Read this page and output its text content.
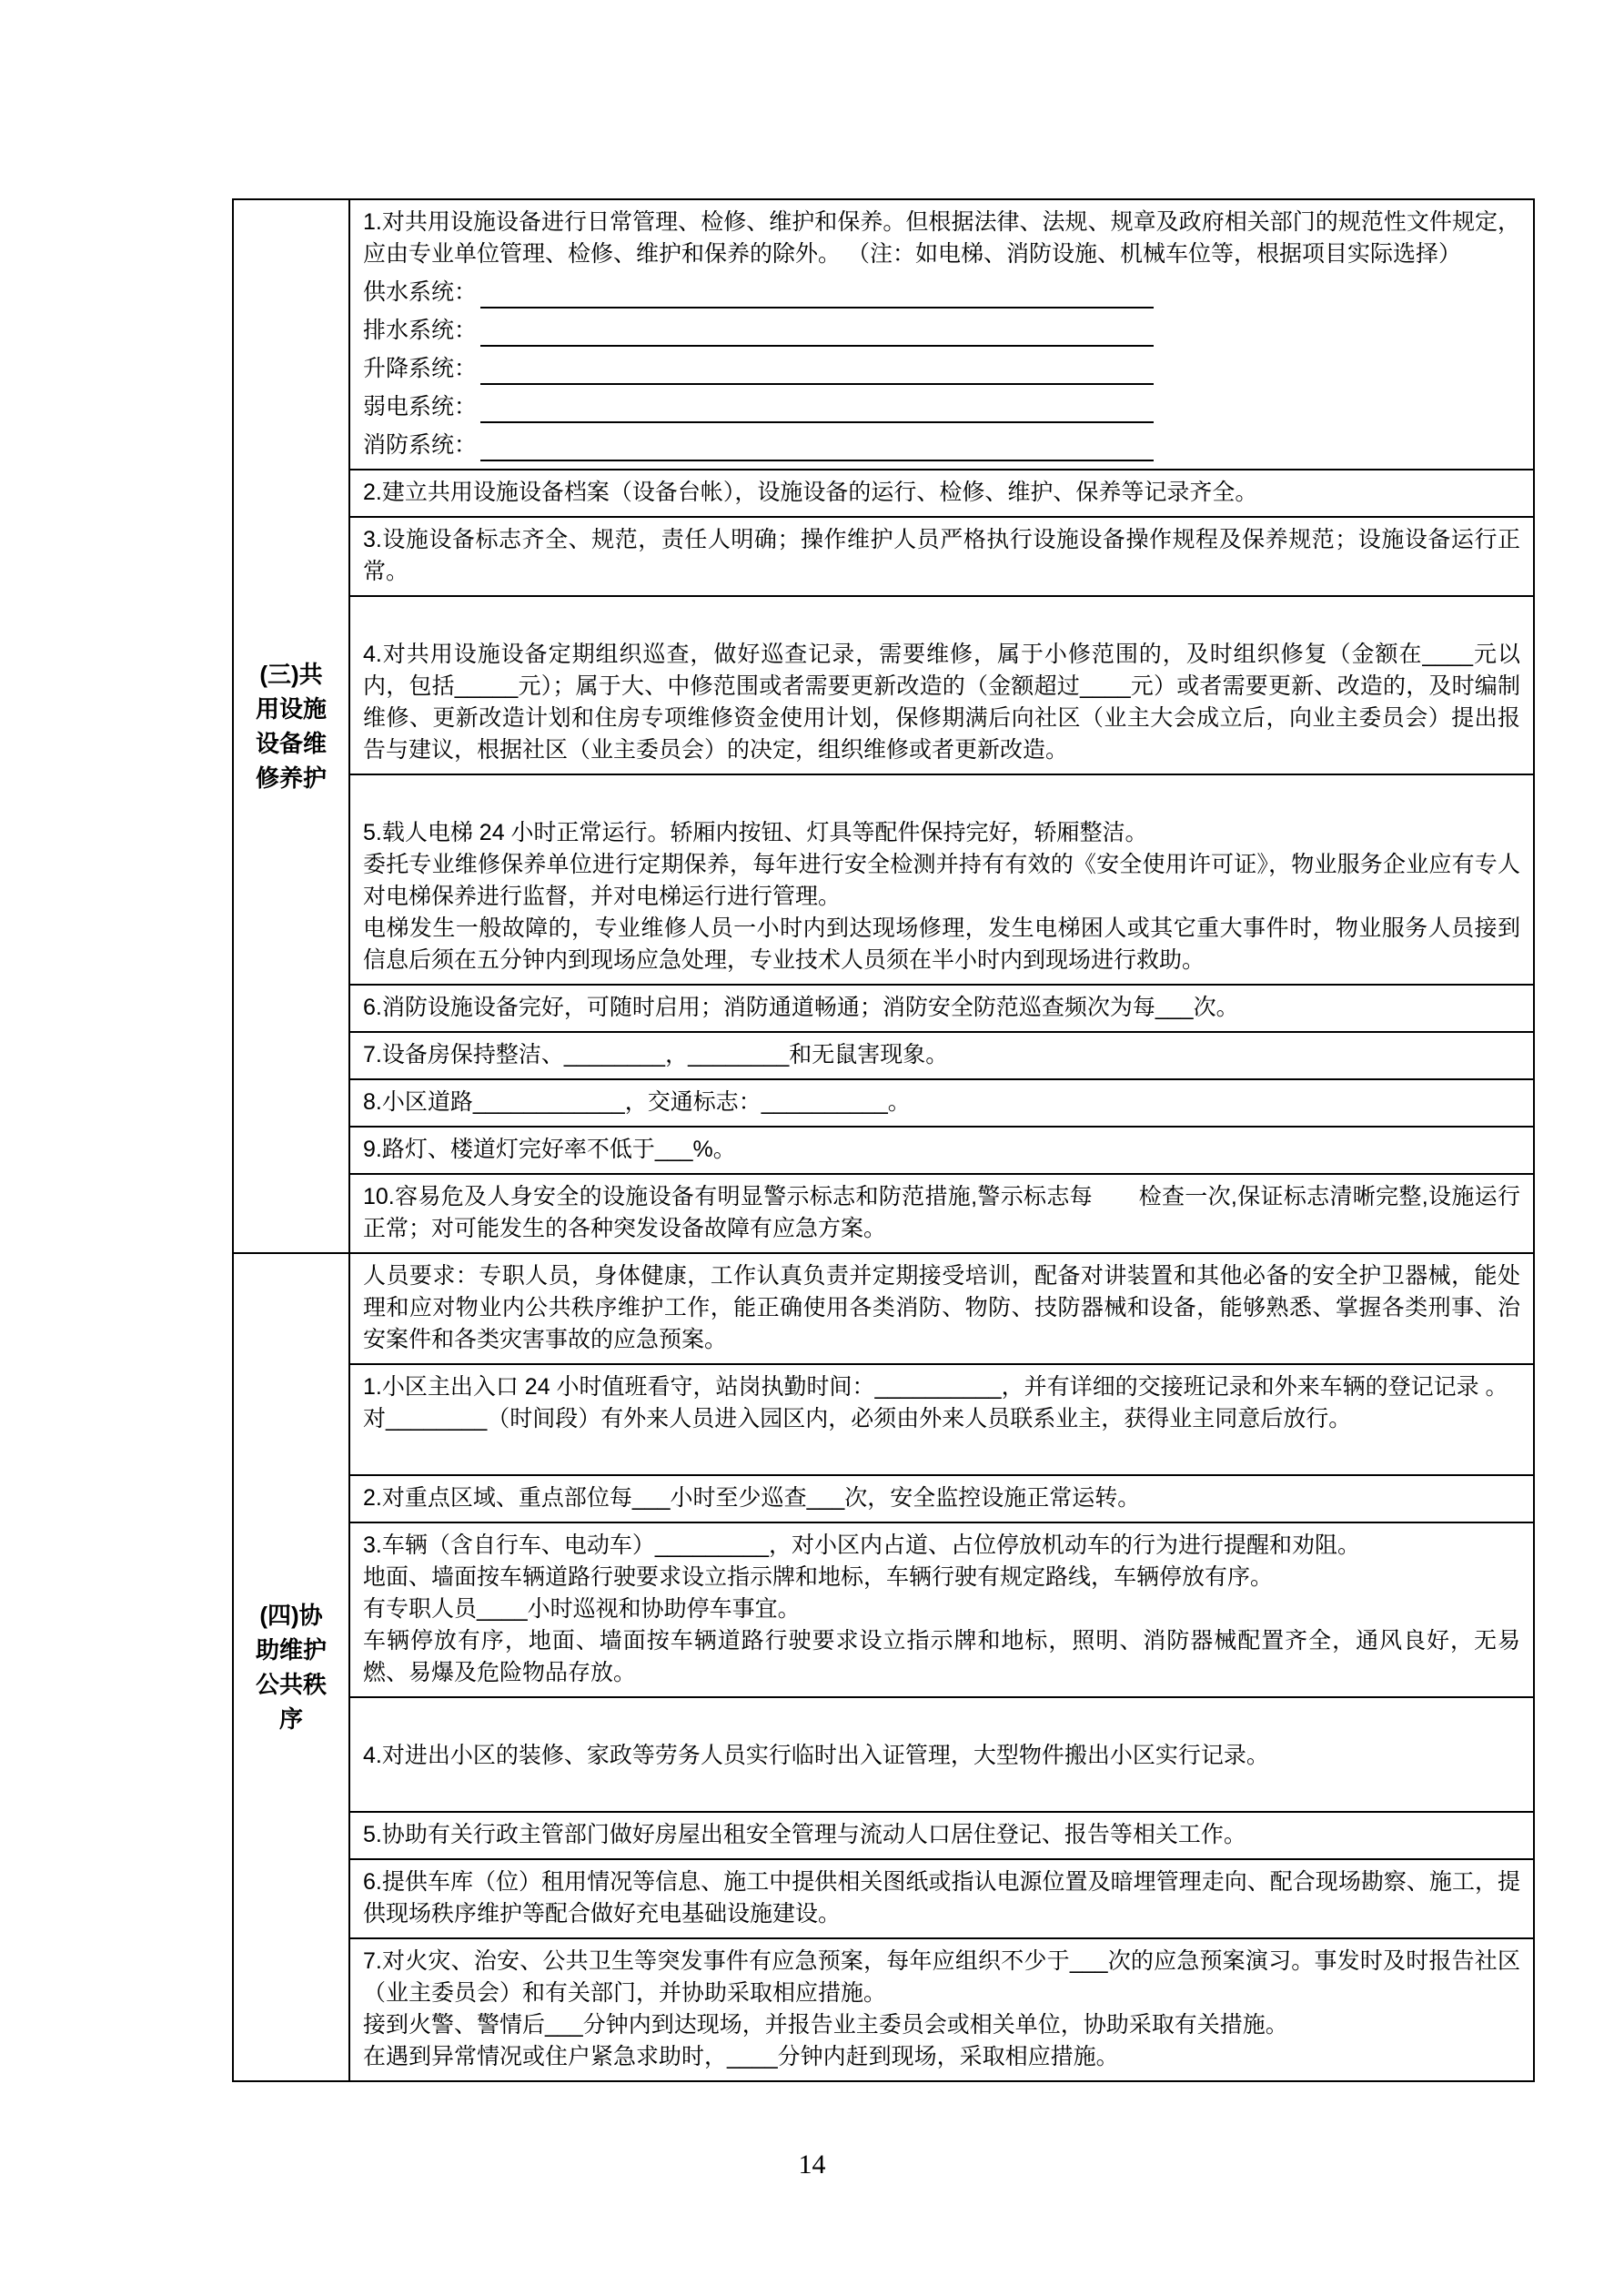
(三)共用设施设备维修养护
1.对共用设施设备进行日常管理、检修、维护和保养。但根据法律、法规、规章及政府相关部门的规范性文件规定，应由专业单位管理、检修、维护和保养的除外。 （注：如电梯、消防设施、机械车位等，根据项目实际选择）
供水系统：
排水系统：
升降系统：
弱电系统：
消防系统：
2.建立共用设施设备档案（设备台帐），设施设备的运行、检修、维护、保养等记录齐全。
3.设施设备标志齐全、规范，责任人明确；操作维护人员严格执行设施设备操作规程及保养规范；设施设备运行正常。
4.对共用设施设备定期组织巡查，做好巡查记录，需要维修，属于小修范围的，及时组织修复（金额在____元以内，包括_____元）；属于大、中修范围或者需要更新改造的（金额超过____元）或者需要更新、改造的，及时编制维修、更新改造计划和住房专项维修资金使用计划，保修期满后向社区（业主大会成立后，向业主委员会）提出报告与建议，根据社区（业主委员会）的决定，组织维修或者更新改造。
5.载人电梯 24 小时正常运行。轿厢内按钮、灯具等配件保持完好，轿厢整洁。
委托专业维修保养单位进行定期保养，每年进行安全检测并持有有效的《安全使用许可证》，物业服务企业应有专人对电梯保养进行监督，并对电梯运行进行管理。
电梯发生一般故障的，专业维修人员一小时内到达现场修理，发生电梯困人或其它重大事件时，物业服务人员接到信息后须在五分钟内到现场应急处理，专业技术人员须在半小时内到现场进行救助。
6.消防设施设备完好，可随时启用；消防通道畅通；消防安全防范巡查频次为每___次。
7.设备房保持整洁、________，________和无鼠害现象。
8.小区道路____________，交通标志：__________。
9.路灯、楼道灯完好率不低于___%。
10.容易危及人身安全的设施设备有明显警示标志和防范措施,警示标志每　　检查一次,保证标志清晰完整,设施运行正常；对可能发生的各种突发设备故障有应急方案。
(四)协助维护公共秩序
人员要求：专职人员，身体健康，工作认真负责并定期接受培训，配备对讲装置和其他必备的安全护卫器械，能处理和应对物业内公共秩序维护工作，能正确使用各类消防、物防、技防器械和设备，能够熟悉、掌握各类刑事、治安案件和各类灾害事故的应急预案。
1.小区主出入口 24 小时值班看守，站岗执勤时间：__________，并有详细的交接班记录和外来车辆的登记记录 。
对________（时间段）有外来人员进入园区内，必须由外来人员联系业主，获得业主同意后放行。
2.对重点区域、重点部位每___小时至少巡查___次，安全监控设施正常运转。
3.车辆（含自行车、电动车）_________，对小区内占道、占位停放机动车的行为进行提醒和劝阻。
地面、墙面按车辆道路行驶要求设立指示牌和地标，车辆行驶有规定路线，车辆停放有序。
有专职人员____小时巡视和协助停车事宜。
车辆停放有序，地面、墙面按车辆道路行驶要求设立指示牌和地标，照明、消防器械配置齐全，通风良好，无易燃、易爆及危险物品存放。
4.对进出小区的装修、家政等劳务人员实行临时出入证管理，大型物件搬出小区实行记录。
5.协助有关行政主管部门做好房屋出租安全管理与流动人口居住登记、报告等相关工作。
6.提供车库（位）租用情况等信息、施工中提供相关图纸或指认电源位置及暗埋管理走向、配合现场勘察、施工，提供现场秩序维护等配合做好充电基础设施建设。
7.对火灾、治安、公共卫生等突发事件有应急预案，每年应组织不少于___次的应急预案演习。事发时及时报告社区（业主委员会）和有关部门，并协助采取相应措施。
接到火警、警情后___分钟内到达现场，并报告业主委员会或相关单位，协助采取有关措施。
在遇到异常情况或住户紧急求助时，____分钟内赶到现场，采取相应措施。
14
